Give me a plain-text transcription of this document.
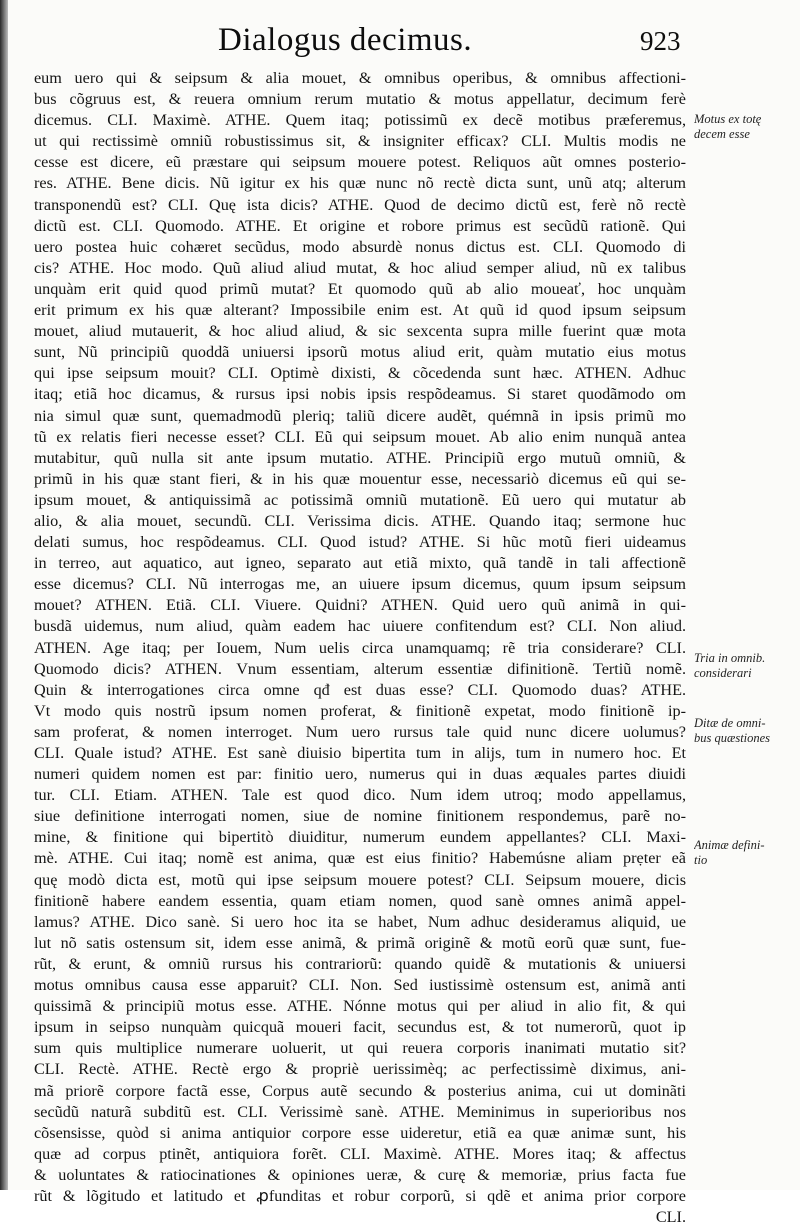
Dialogus decimus.	923
eum uero qui & seipsum & alia mouet, & omnibus operibus, & omnibus affectioni-
bus cõgruus est, & reuera omnium rerum mutatio & motus appellatur, decimum ferè
dicemus. CLI. Maximè. ATHE. Quem itaq; potissimũ ex decẽ motibus præferemus,
ut qui rectissimè omniũ robustissimus sit, & insigniter efficax? CLI. Multis modis ne
cesse est dicere, eũ præstare qui seipsum mouere potest. Reliquos aũt omnes posterio-
res. ATHE. Bene dicis. Nũ igitur ex his quæ nunc nõ rectè dicta sunt, unũ atq; alterum
transponendũ est? CLI. Quę ista dicis? ATHE. Quod de decimo dictũ est, ferè nõ rectè
dictũ est. CLI. Quomodo. ATHE. Et origine et robore primus est secũdũ rationẽ. Qui
uero postea huic cohæret secũdus, modo absurdè nonus dictus est. CLI. Quomodo di
cis? ATHE. Hoc modo. Quũ aliud aliud mutat, & hoc aliud semper aliud, nũ ex talibus
unquàm erit quid quod primũ mutat? Et quomodo quũ ab alio moueať, hoc unquàm
erit primum ex his quæ alterant? Impossibile enim est. At quũ id quod ipsum seipsum
mouet, aliud mutauerit, & hoc aliud aliud, & sic sexcenta supra mille fuerint quæ mota
sunt, Nũ principiũ quoddã uniuersi ipsorũ motus aliud erit, quàm mutatio eius motus
qui ipse seipsum mouit? CLI. Optimè dixisti, & cõcedenda sunt hæc. ATHEN. Adhuc
itaq; etiã hoc dicamus, & rursus ipsi nobis ipsis respõdeamus. Si staret quodãmodo om
nia simul quæ sunt, quemadmodũ pleriq; taliũ dicere audẽt, quémnã in ipsis primũ mo
tũ ex relatis fieri necesse esset? CLI. Eũ qui seipsum mouet. Ab alio enim nunquã antea
mutabitur, quũ nulla sit ante ipsum mutatio. ATHE. Principiũ ergo mutuũ omniũ, &
primũ in his quæ stant fieri, & in his quæ mouentur esse, necessariò dicemus eũ qui se-
ipsum mouet, & antiquissimã ac potissimã omniũ mutationẽ. Eũ uero qui mutatur ab
alio, & alia mouet, secundũ. CLI. Verissima dicis. ATHE. Quando itaq; sermone huc
delati sumus, hoc respõdeamus. CLI. Quod istud? ATHE. Si hũc motũ fieri uideamus
in terreo, aut aquatico, aut igneo, separato aut etiã mixto, quã tandẽ in tali affectionẽ
esse dicemus? CLI. Nũ interrogas me, an uiuere ipsum dicemus, quum ipsum seipsum
mouet? ATHEN. Etiã. CLI. Viuere. Quidni? ATHEN. Quid uero quũ animã in qui-
busdã uidemus, num aliud, quàm eadem hac uiuere confitendum est? CLI. Non aliud.
ATHEN. Age itaq; per Iouem, Num uelis circa unamquamq; rẽ tria considerare? CLI.
Quomodo dicis? ATHEN. Vnum essentiam, alterum essentiæ difinitionẽ. Tertiũ nomẽ.
Quin & interrogationes circa omne qđ est duas esse? CLI. Quomodo duas? ATHE.
Vt modo quis nostrũ ipsum nomen proferat, & finitionẽ expetat, modo finitionẽ ip-
sam proferat, & nomen interroget. Num uero rursus tale quid nunc dicere uolumus?
CLI. Quale istud? ATHE. Est sanè diuisio bipertita tum in alijs, tum in numero hoc. Et
numeri quidem nomen est par: finitio uero, numerus qui in duas æquales partes diuidi
tur. CLI. Etiam. ATHEN. Tale est quod dico. Num idem utroq; modo appellamus,
siue definitione interrogati nomen, siue de nomine finitionem respondemus, parẽ no-
mine, & finitione qui bipertitò diuiditur, numerum eundem appellantes? CLI. Maxi-
mè. ATHE. Cui itaq; nomẽ est anima, quæ est eius finitio? Habemúsne aliam prẹter eã
quę modò dicta est, motũ qui ipse seipsum mouere potest? CLI. Seipsum mouere, dicis
finitionẽ habere eandem essentia, quam etiam nomen, quod sanè omnes animã appel-
lamus? ATHE. Dico sanè. Si uero hoc ita se habet, Num adhuc desideramus aliquid, ue
lut nõ satis ostensum sit, idem esse animã, & primã originẽ & motũ eorũ quæ sunt, fue-
rũt, & erunt, & omniũ rursus his contrariorũ: quando quidẽ & mutationis & uniuersi
motus omnibus causa esse apparuit? CLI. Non. Sed iustissimè ostensum est, animã anti
quissimã & principiũ motus esse. ATHE. Nónne motus qui per aliud in alio fit, & qui
ipsum in seipso nunquàm quicquã moueri facit, secundus est, & tot numerorũ, quot ip
sum quis multiplice numerare uoluerit, ut qui reuera corporis inanimati mutatio sit?
CLI. Rectè. ATHE. Rectè ergo & propriè uerissimèq; ac perfectissimè diximus, ani-
mã priorẽ corpore factã esse, Corpus autẽ secundo & posterius anima, cui ut dominãti
secũdũ naturã subditũ est. CLI. Verissimè sanè. ATHE. Meminimus in superioribus nos
cõsensisse, quòd si anima antiquior corpore esse uideretur, etiã ea quæ animæ sunt, his
quæ ad corpus ptinẽt, antiquiora forẽt. CLI. Maximè. ATHE. Mores itaq; & affectus
& uoluntates & ratiocinationes & opiniones ueræ, & curę & memoriæ, prius facta fue
rũt & lõgitudo et latitudo et ꝓfunditas et robur corporũ, si qdẽ et anima prior corpore
CLI.
Motus ex totę
decem esse
Tria in omnib.
considerari
Ditæ de omni-
bus quæstiones
Animæ defini-
tio
